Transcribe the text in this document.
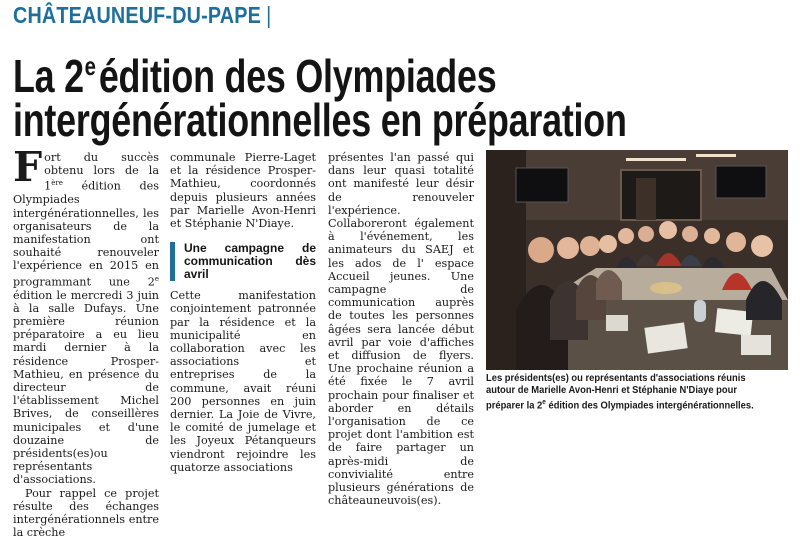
CHÂTEAUNEUF-DU-PAPE |
La 2eédition des Olympiades
intergénérationnelles en préparation

Fort du succès obtenu lors de la 1ère édition des Olympiades intergénérationnelles, les organisateurs de la manifestation ont souhaité renouveler l'expérience en 2015 en programmant une 2e édition le mercredi 3 juin à la salle Dufays. Une première réunion préparatoire a eu lieu mardi dernier à la résidence Prosper-Mathieu, en présence du directeur de l'établissement Michel Brives, de conseillères municipales et d'une douzaine de présidents(es)ou représentants d'associations.

Pour rappel ce projet résulte des échanges intergénérationnels entre la crèche

communale Pierre-Laget et la résidence Prosper-Mathieu, coordonnés depuis plusieurs années par Marielle Avon-Henri et Stéphanie N'Diaye.

Une campagne de communication dès avril

Cette manifestation conjointement patronnée par la résidence et la municipalité en collaboration avec les associations et entreprises de la commune, avait réuni 200 personnes en juin dernier. La Joie de Vivre, le comité de jumelage et les Joyeux Pétanqueurs viendront rejoindre les quatorze associations

présentes l'an passé qui dans leur quasi totalité ont manifesté leur désir de renouveler l'expérience. Collaboreront également à l'événement, les animateurs du SAEJ et les ados de l' espace Accueil jeunes. Une campagne de communication auprès de toutes les personnes âgées sera lancée début avril par voie d'affiches et diffusion de flyers. Une prochaine réunion a été fixée le 7 avril prochain pour finaliser et aborder en détails l'organisation de ce projet dont l'ambition est de faire partager un après-midi de convivialité entre plusieurs générations de châteauneuvois(es).

Les présidents(es) ou représentants d'associations réunis autour de Marielle Avon-Henri et Stéphanie N'Diaye pour préparer la 2e édition des Olympiades intergénérationnelles.
